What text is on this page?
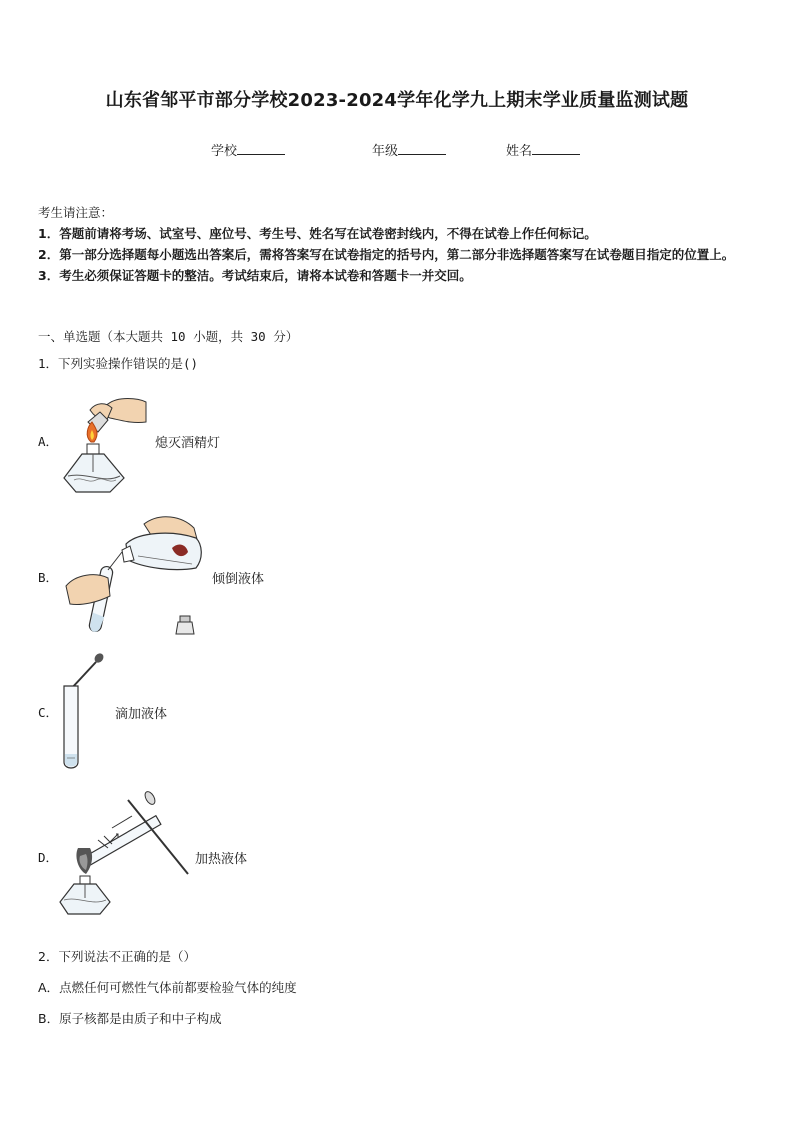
山东省邹平市部分学校2023-2024学年化学九上期末学业质量监测试题
学校	年级	姓名

考生请注意：

1．答题前请将考场、试室号、座位号、考生号、姓名写在试卷密封线内，不得在试卷上作任何标记。

2．第一部分选择题每小题选出答案后，需将答案写在试卷指定的括号内，第二部分非选择题答案写在试卷题目指定的位置上。

3．考生必须保证答题卡的整洁。考试结束后，请将本试卷和答题卡一并交回。

一、单选题（本大题共 10 小题，共 30 分）
1．下列实验操作错误的是()
A．	熄灭酒精灯
B．	倾倒液体
C．	滴加液体
D．	加热液体
2．下列说法不正确的是（）
A．点燃任何可燃性气体前都要检验气体的纯度
B．原子核都是由质子和中子构成
